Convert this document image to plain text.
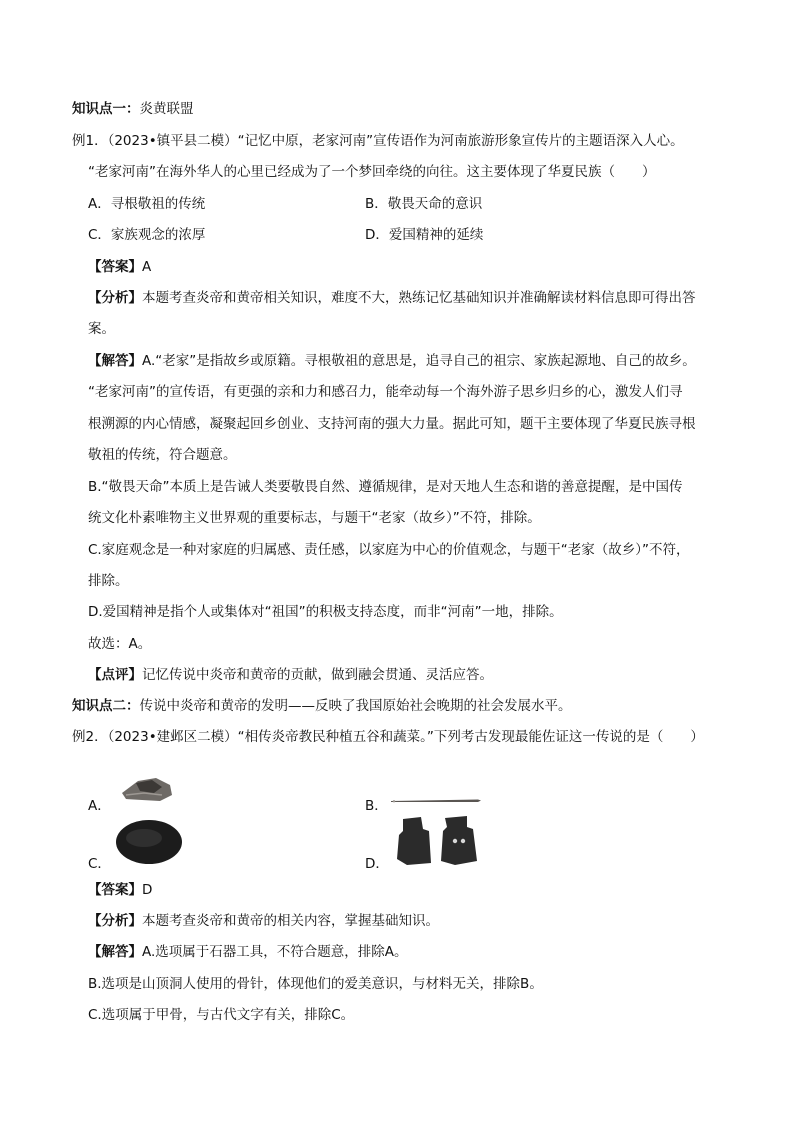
知识点一：炎黄联盟
例1．（2023•镇平县二模）“记忆中原，老家河南”宣传语作为河南旅游形象宣传片的主题语深入人心。
“老家河南”在海外华人的心里已经成为了一个梦回牵绕的向往。这主要体现了华夏民族（　　）
A．寻根敬祖的传统	B．敬畏天命的意识
C．家族观念的浓厚	D．爱国精神的延续
【答案】A
【分析】本题考查炎帝和黄帝相关知识，难度不大，熟练记忆基础知识并准确解读材料信息即可得出答
案。
【解答】A.“老家”是指故乡或原籍。寻根敬祖的意思是，追寻自己的祖宗、家族起源地、自己的故乡。
“老家河南”的宣传语，有更强的亲和力和感召力，能牵动每一个海外游子思乡归乡的心，激发人们寻
根溯源的内心情感，凝聚起回乡创业、支持河南的强大力量。据此可知，题干主要体现了华夏民族寻根
敬祖的传统，符合题意。
B.“敬畏天命”本质上是告诫人类要敬畏自然、遵循规律，是对天地人生态和谐的善意提醒，是中国传
统文化朴素唯物主义世界观的重要标志，与题干“老家（故乡）”不符，排除。
C.家庭观念是一种对家庭的归属感、责任感，以家庭为中心的价值观念，与题干“老家（故乡）”不符，
排除。
D.爱国精神是指个人或集体对“祖国”的积极支持态度，而非“河南”一地，排除。
故选：A。
【点评】记忆传说中炎帝和黄帝的贡献，做到融会贯通、灵活应答。
知识点二：传说中炎帝和黄帝的发明——反映了我国原始社会晚期的社会发展水平。
例2．（2023•建邺区二模）“相传炎帝教民种植五谷和蔬菜。”下列考古发现最能佐证这一传说的是（　　）
A．	B．
C．	D．
【答案】D
【分析】本题考查炎帝和黄帝的相关内容，掌握基础知识。
【解答】A.选项属于石器工具，不符合题意，排除A。
B.选项是山顶洞人使用的骨针，体现他们的爱美意识，与材料无关，排除B。
C.选项属于甲骨，与古代文字有关，排除C。
